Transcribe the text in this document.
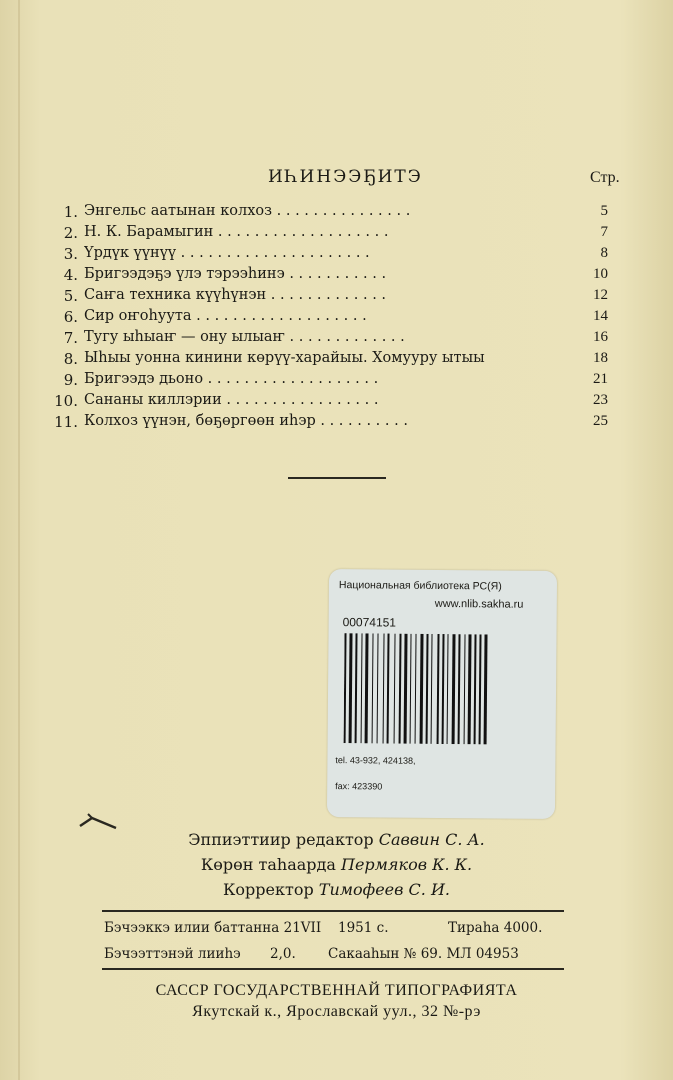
ИҺИНЭЭҔИТЭ	Стр.
1. Энгельс аатынан колхоз . . . . . . . . . . . . . . .	5
2. Н. К. Барамыгин . . . . . . . . . . . . . . . . . . .	7
3. Үрдүк үүнүү . . . . . . . . . . . . . . . . . . . . .	8
4. Бригээдэҕэ үлэ тэрээһинэ . . . . . . . . . . .	10
5. Саҥа техника күүһүнэн . . . . . . . . . . . . .	12
6. Сир оҥоһуута . . . . . . . . . . . . . . . . . . .	14
7. Тугу ыһыаҥ — ону ылыаҥ . . . . . . . . . . . . .	16
8. Ыһыы уонна кинини көрүү-харайыы. Хомууру ытыы	18
9. Бригээдэ дьоно . . . . . . . . . . . . . . . . . . .	21
10. Сананы киллэрии . . . . . . . . . . . . . . . . .	23
11. Колхоз үүнэн, бөҕөргөөн иһэр . . . . . . . . . .	25
Национальная библиотека РС(Я)
www.nlib.sakha.ru
00074151
tel. 43-932, 424138,
fax: 423390
Эппиэттиир редактор Саввин С. А.
Көрөн таһаарда Пермяков К. К.
Корректор Тимофеев С. И.
Бэчээккэ илии баттанна 21VII 1951 с.	Тираһа 4000.
Бэчээттэнэй лииһэ 2,0. Сакааһын № 69. МЛ 04953
САССР ГОСУДАРСТВЕННАЙ ТИПОГРАФИЯТА
Якутскай к., Ярославскай уул., 32 №-рэ
